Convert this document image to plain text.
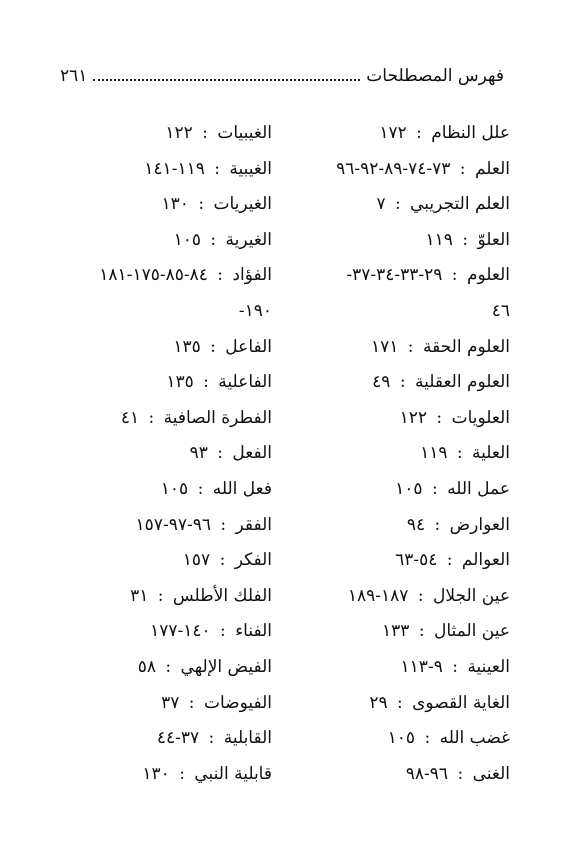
فهرس المصطلحات
٢٦١
علل النظام : ١٧٢
العلم : ٧٣-٧٤-٨٩-٩٢-٩٦
العلم التجريبي : ٧
العلوّ : ١١٩
العلوم : ٢٩-٣٣-٣٤-٣٧-
٤٦
العلوم الحقة : ١٧١
العلوم العقلية : ٤٩
العلويات : ١٢٢
العلية : ١١٩
عمل الله : ١٠٥
العوارض : ٩٤
العوالم : ٥٤-٦٣
عين الجلال : ١٨٧-١٨٩
عين المثال : ١٣٣
العينية : ٩-١١٣
الغاية القصوى : ٢٩
غضب الله : ١٠٥
الغنى : ٩٦-٩٨
الغيبيات : ١٢٢
الغيبية : ١١٩-١٤١
الغيريات : ١٣٠
الغيرية : ١٠٥
الفؤاد : ٨٤-٨٥-١٧٥-١٨١
١٩٠-
الفاعل : ١٣٥
الفاعلية : ١٣٥
الفطرة الصافية : ٤١
الفعل : ٩٣
فعل الله : ١٠٥
الفقر : ٩٦-٩٧-١٥٧
الفكر : ١٥٧
الفلك الأطلس : ٣١
الفناء : ١٤٠-١٧٧
الفيض الإلهي : ٥٨
الفيوضات : ٣٧
القابلية : ٣٧-٤٤
قابلية النبي : ١٣٠
